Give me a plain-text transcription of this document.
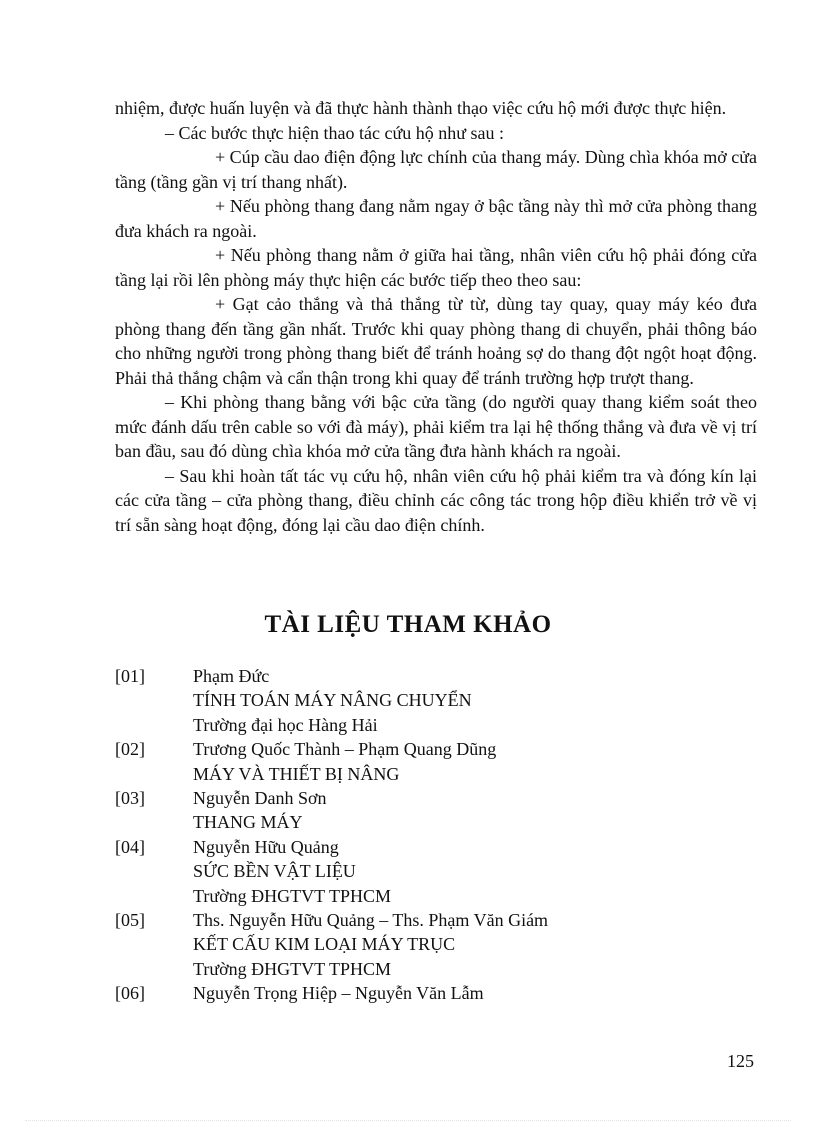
nhiệm, được huấn luyện và đã thực hành thành thạo việc cứu hộ mới được thực hiện.

– Các bước thực hiện thao tác cứu hộ như sau :

+ Cúp cầu dao điện động lực chính của thang máy. Dùng chìa khóa mở cửa tầng (tầng gần vị trí thang nhất).

+ Nếu phòng thang đang nằm ngay ở bậc tầng này thì mở cửa phòng thang đưa khách ra ngoài.

+ Nếu phòng thang nằm ở giữa hai tầng, nhân viên cứu hộ phải đóng cửa tầng lại rồi lên phòng máy thực hiện các bước tiếp theo theo sau:

+ Gạt cảo thắng và thả thắng từ từ, dùng tay quay, quay máy kéo đưa phòng thang đến tầng gần nhất. Trước khi quay phòng thang di chuyển, phải thông báo cho những người trong phòng thang biết để tránh hoảng sợ do thang đột ngột hoạt động. Phải thả thắng chậm và cẩn thận trong khi quay để tránh trường hợp trượt thang.

– Khi phòng thang bằng với bậc cửa tầng (do người quay thang kiểm soát theo mức đánh dấu trên cable so với đà máy), phải kiểm tra lại hệ thống thắng và đưa về vị trí ban đầu, sau đó dùng chìa khóa mở cửa tầng đưa hành khách ra ngoài.

– Sau khi hoàn tất tác vụ cứu hộ, nhân viên cứu hộ phải kiểm tra và đóng kín lại các cửa tầng – cửa phòng thang, điều chỉnh các công tác trong hộp điều khiển trở về vị trí sẵn sàng hoạt động, đóng lại cầu dao điện chính.

TÀI LIỆU THAM KHẢO
[01]	Phạm Đức
TÍNH TOÁN MÁY NÂNG CHUYỂN
Trường đại học Hàng Hải
[02]	Trương Quốc Thành – Phạm Quang Dũng
MÁY VÀ THIẾT BỊ NÂNG
[03]	Nguyễn Danh Sơn
THANG MÁY
[04]	Nguyễn Hữu Quảng
SỨC BỀN VẬT LIỆU
Trường ĐHGTVT TPHCM
[05]	Ths. Nguyễn Hữu Quảng – Ths. Phạm Văn Giám
KẾT CẤU KIM LOẠI MÁY TRỤC
Trường ĐHGTVT TPHCM
[06]	Nguyễn Trọng Hiệp – Nguyễn Văn Lẫm
125
